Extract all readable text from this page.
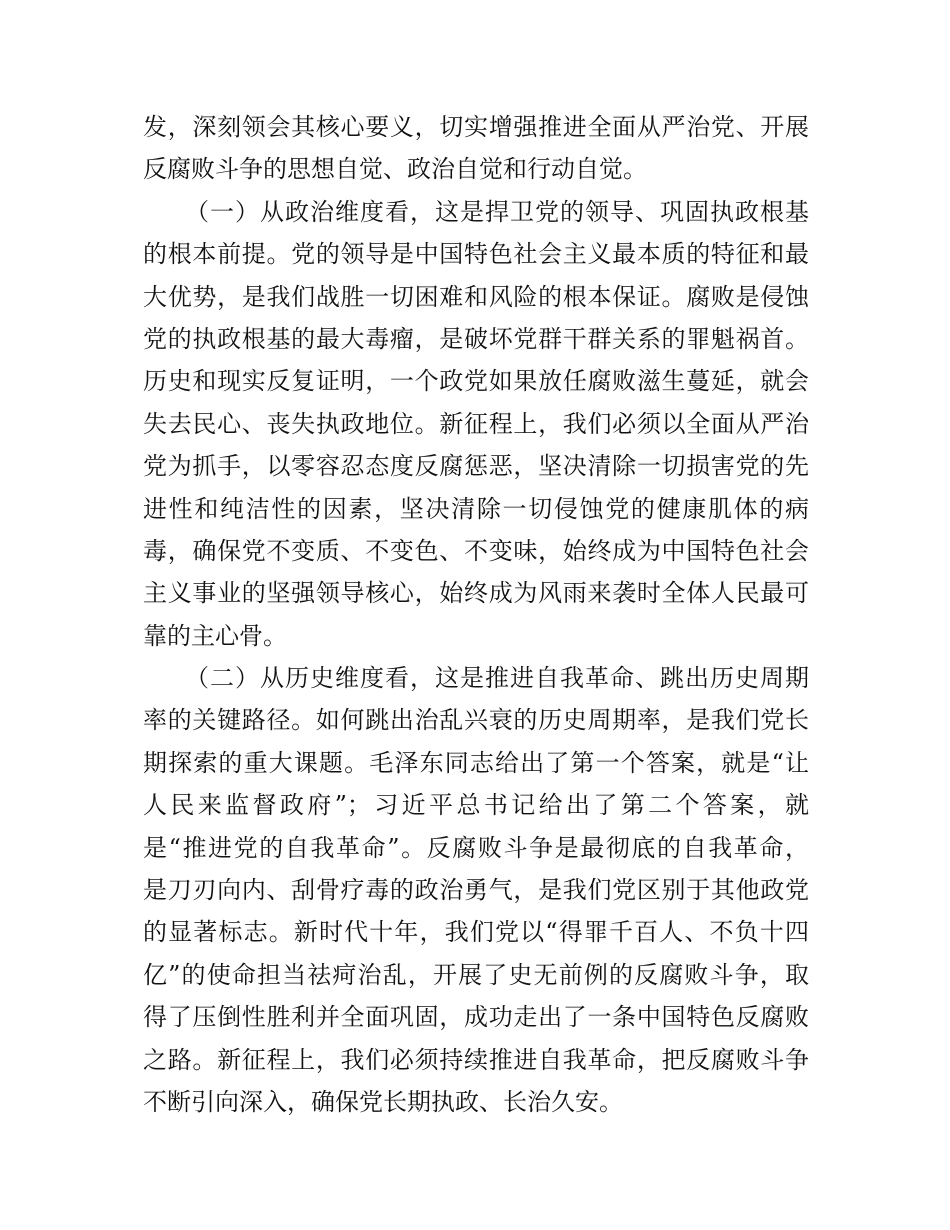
发，深刻领会其核心要义，切实增强推进全面从严治党、开展
反腐败斗争的思想自觉、政治自觉和行动自觉。
（一）从政治维度看，这是捍卫党的领导、巩固执政根基
的根本前提。党的领导是中国特色社会主义最本质的特征和最
大优势，是我们战胜一切困难和风险的根本保证。腐败是侵蚀
党的执政根基的最大毒瘤，是破坏党群干群关系的罪魁祸首。
历史和现实反复证明，一个政党如果放任腐败滋生蔓延，就会
失去民心、丧失执政地位。新征程上，我们必须以全面从严治
党为抓手，以零容忍态度反腐惩恶，坚决清除一切损害党的先
进性和纯洁性的因素，坚决清除一切侵蚀党的健康肌体的病
毒，确保党不变质、不变色、不变味，始终成为中国特色社会
主义事业的坚强领导核心，始终成为风雨来袭时全体人民最可
靠的主心骨。
（二）从历史维度看，这是推进自我革命、跳出历史周期
率的关键路径。如何跳出治乱兴衰的历史周期率，是我们党长
期探索的重大课题。毛泽东同志给出了第一个答案，就是“让
人民来监督政府”；习近平总书记给出了第二个答案，就
是“推进党的自我革命”。反腐败斗争是最彻底的自我革命，
是刀刃向内、刮骨疗毒的政治勇气，是我们党区别于其他政党
的显著标志。新时代十年，我们党以“得罪千百人、不负十四
亿”的使命担当祛疴治乱，开展了史无前例的反腐败斗争，取
得了压倒性胜利并全面巩固，成功走出了一条中国特色反腐败
之路。新征程上，我们必须持续推进自我革命，把反腐败斗争
不断引向深入，确保党长期执政、长治久安。
